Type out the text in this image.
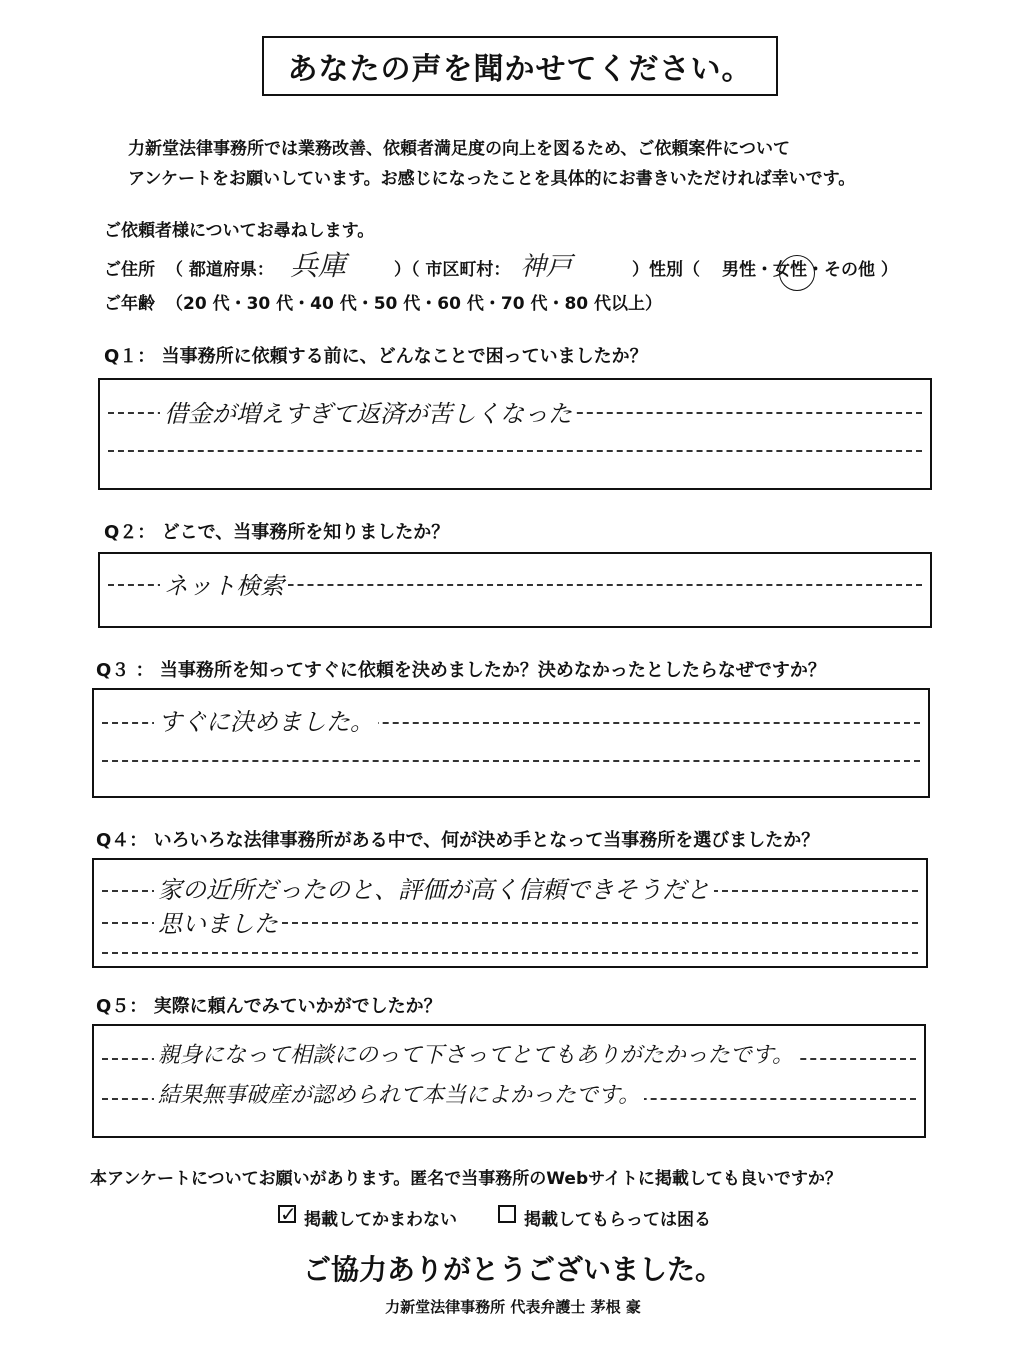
あなたの声を聞かせてください。
力新堂法律事務所では業務改善、依頼者満足度の向上を図るため、ご依頼案件について
アンケートをお願いしています。お感じになったことを具体的にお書きいただければ幸いです。
ご依頼者様についてお尋ねします。
ご住所 （ 都道府県： 兵庫	）（ 市区町村： 神戸	）性別（ 男性・女性・その他 ）
ご年齢 （20 代・30 代・40 代・50 代・60 代・70 代・80 代以上）
Q１： 当事務所に依頼する前に、どんなことで困っていましたか？
借金が増えすぎて返済が苦しくなった
Q２： どこで、当事務所を知りましたか？
ネット検索
Q３ ： 当事務所を知ってすぐに依頼を決めましたか？決めなかったとしたらなぜですか？
すぐに決めました。
Q４： いろいろな法律事務所がある中で、何が決め手となって当事務所を選びましたか？
家の近所だったのと、評価が高く信頼できそうだと
思いました
Q５： 実際に頼んでみていかがでしたか？
親身になって相談にのって下さってとてもありがたかったです。
結果無事破産が認められて本当によかったです。
本アンケートについてお願いがあります。匿名で当事務所のWebサイトに掲載しても良いですか？
✓ 掲載してかまわない	掲載してもらっては困る
ご協力ありがとうございました。
力新堂法律事務所 代表弁護士 茅根 豪
